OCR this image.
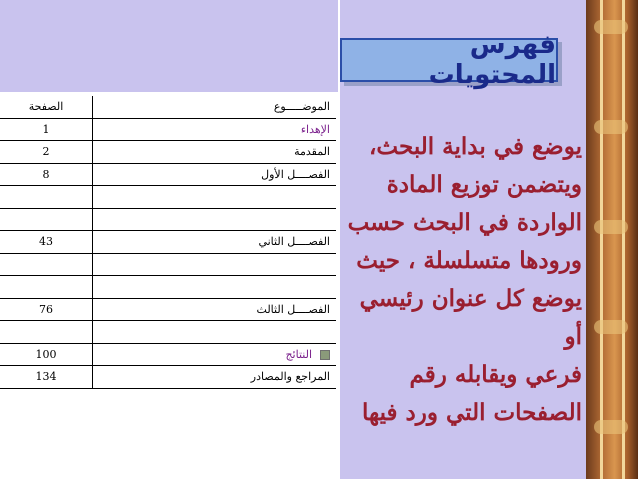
الموضـــــوع	الصفحة
الإهداء	1
المقدمة	2
الفصــــل الأول	8

الفصــــل الثاني	43

الفصــــل الثالث	76

النتائج	100
المراجع والمصادر	134
فهرس المحتويات
يوضع في بداية البحث،
ويتضمن توزيع المادة
الواردة في البحث حسب
ورودها متسلسلة ، حيث
يوضع كل عنوان رئيسي أو
فرعي ويقابله رقم
الصفحات التي ورد فيها
